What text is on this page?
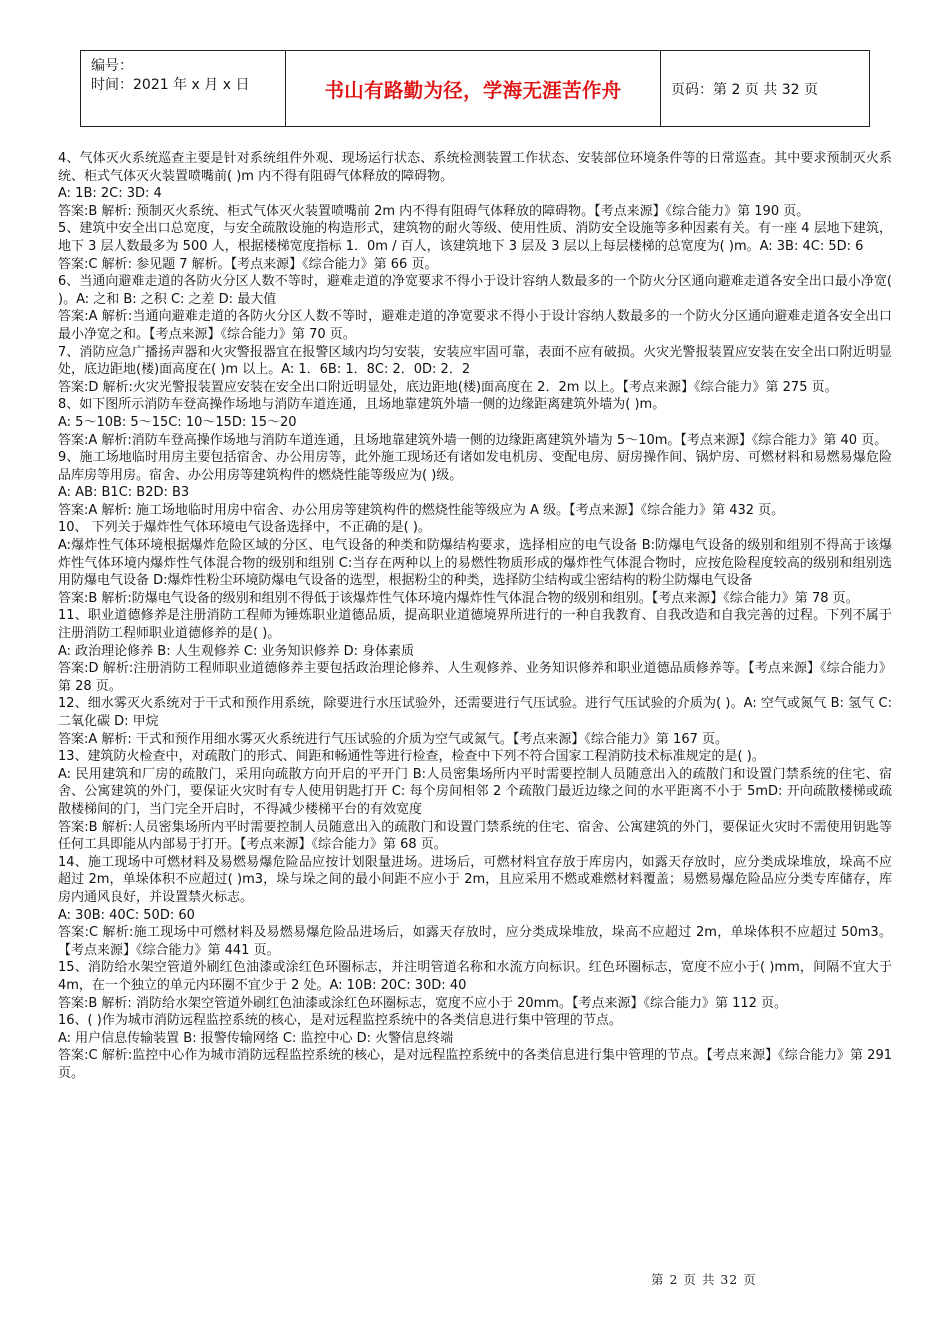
编号：
时间：2021 年 x 月 x 日	书山有路勤为径，学海无涯苦作舟	页码：第 2 页 共 32 页

4、气体灭火系统巡查主要是针对系统组件外观、现场运行状态、系统检测装置工作状态、安装部位环境条件等的日常巡查。其中要求预制灭火系统、柜式气体灭火装置喷嘴前( )m 内不得有阻碍气体释放的障碍物。

A: 1B: 2C: 3D: 4

答案:B 解析: 预制灭火系统、柜式气体灭火装置喷嘴前 2m 内不得有阻碍气体释放的障碍物。【考点来源】《综合能力》第 190 页。

5、建筑中安全出口总宽度，与安全疏散设施的构造形式，建筑物的耐火等级、使用性质、消防安全设施等多种因素有关。有一座 4 层地下建筑，地下 3 层人数最多为 500 人，根据楼梯宽度指标 1．0m / 百人，该建筑地下 3 层及 3 层以上每层楼梯的总宽度为( )m。A: 3B: 4C: 5D: 6

答案:C 解析: 参见题 7 解析。【考点来源】《综合能力》第 66 页。

6、当通向避难走道的各防火分区人数不等时，避难走道的净宽要求不得小于设计容纳人数最多的一个防火分区通向避难走道各安全出口最小净宽( )。A: 之和 B: 之积 C: 之差 D: 最大值

答案:A 解析:当通向避难走道的各防火分区人数不等时，避难走道的净宽要求不得小于设计容纳人数最多的一个防火分区通向避难走道各安全出口最小净宽之和。【考点来源】《综合能力》第 70 页。

7、消防应急广播扬声器和火灾警报器宜在报警区域内均匀安装，安装应牢固可靠，表面不应有破损。火灾光警报装置应安装在安全出口附近明显处，底边距地(楼)面高度在( )m 以上。A: 1．6B: 1．8C: 2．0D: 2．2

答案:D 解析:火灾光警报装置应安装在安全出口附近明显处，底边距地(楼)面高度在 2．2m 以上。【考点来源】《综合能力》第 275 页。

8、如下图所示消防车登高操作场地与消防车道连通，且场地靠建筑外墙一侧的边缘距离建筑外墙为( )m。

A: 5～10B: 5～15C: 10～15D: 15～20

答案:A 解析:消防车登高操作场地与消防车道连通，且场地靠建筑外墙一侧的边缘距离建筑外墙为 5～10m。【考点来源】《综合能力》第 40 页。

9、施工场地临时用房主要包括宿舍、办公用房等，此外施工现场还有诸如发电机房、变配电房、厨房操作间、锅炉房、可燃材料和易燃易爆危险品库房等用房。宿舍、办公用房等建筑构件的燃烧性能等级应为( )级。

A: AB: B1C: B2D: B3

答案:A 解析: 施工场地临时用房中宿舍、办公用房等建筑构件的燃烧性能等级应为 A 级。【考点来源】《综合能力》第 432 页。

10、 下列关于爆炸性气体环境电气设备选择中，不正确的是( )。

A:爆炸性气体环境根据爆炸危险区域的分区、电气设备的种类和防爆结构要求，选择相应的电气设备 B:防爆电气设备的级别和组别不得高于该爆炸性气体环境内爆炸性气体混合物的级别和组别 C:当存在两种以上的易燃性物质形成的爆炸性气体混合物时，应按危险程度较高的级别和组别选用防爆电气设备 D:爆炸性粉尘环境防爆电气设备的选型，根据粉尘的种类，选择防尘结构或尘密结构的粉尘防爆电气设备

答案:B 解析:防爆电气设备的级别和组别不得低于该爆炸性气体环境内爆炸性气体混合物的级别和组别。【考点来源】《综合能力》第 78 页。

11、职业道德修养是注册消防工程师为锤炼职业道德品质，提高职业道德境界所进行的一种自我教育、自我改造和自我完善的过程。下列不属于注册消防工程师职业道德修养的是( )。

A: 政治理论修养 B: 人生观修养 C: 业务知识修养 D: 身体素质

答案:D 解析:注册消防工程师职业道德修养主要包括政治理论修养、人生观修养、业务知识修养和职业道德品质修养等。【考点来源】《综合能力》第 28 页。

12、细水雾灭火系统对于干式和预作用系统，除要进行水压试验外，还需要进行气压试验。进行气压试验的介质为( )。A: 空气或氮气 B: 氢气 C: 二氧化碳 D: 甲烷

答案:A 解析: 干式和预作用细水雾灭火系统进行气压试验的介质为空气或氮气。【考点来源】《综合能力》第 167 页。

13、建筑防火检查中，对疏散门的形式、间距和畅通性等进行检查，检查中下列不符合国家工程消防技术标准规定的是( )。

A: 民用建筑和厂房的疏散门，采用向疏散方向开启的平开门 B:人员密集场所内平时需要控制人员随意出入的疏散门和设置门禁系统的住宅、宿舍、公寓建筑的外门，要保证火灾时有专人使用钥匙打开 C: 每个房间相邻 2 个疏散门最近边缘之间的水平距离不小于 5mD: 开向疏散楼梯或疏散楼梯间的门，当门完全开启时，不得减少楼梯平台的有效宽度

答案:B 解析:人员密集场所内平时需要控制人员随意出入的疏散门和设置门禁系统的住宅、宿舍、公寓建筑的外门，要保证火灾时不需使用钥匙等任何工具即能从内部易于打开。【考点来源】《综合能力》第 68 页。

14、施工现场中可燃材料及易燃易爆危险品应按计划限量进场。进场后，可燃材料宜存放于库房内，如露天存放时，应分类成垛堆放，垛高不应超过 2m，单垛体积不应超过( )m3，垛与垛之间的最小间距不应小于 2m，且应采用不燃或难燃材料覆盖；易燃易爆危险品应分类专库储存，库房内通风良好，并设置禁火标志。

A: 30B: 40C: 50D: 60

答案:C 解析:施工现场中可燃材料及易燃易爆危险品进场后，如露天存放时，应分类成垛堆放，垛高不应超过 2m，单垛体积不应超过 50m3。【考点来源】《综合能力》第 441 页。

15、消防给水架空管道外刷红色油漆或涂红色环圈标志，并注明管道名称和水流方向标识。红色环圈标志，宽度不应小于( )mm，间隔不宜大于 4m，在一个独立的单元内环圈不宜少于 2 处。A: 10B: 20C: 30D: 40

答案:B 解析: 消防给水架空管道外刷红色油漆或涂红色环圈标志，宽度不应小于 20mm。【考点来源】《综合能力》第 112 页。

16、( )作为城市消防远程监控系统的核心，是对远程监控系统中的各类信息进行集中管理的节点。

A: 用户信息传输装置 B: 报警传输网络 C: 监控中心 D: 火警信息终端

答案:C 解析:监控中心作为城市消防远程监控系统的核心，是对远程监控系统中的各类信息进行集中管理的节点。【考点来源】《综合能力》第 291 页。

第 2 页 共 32 页
